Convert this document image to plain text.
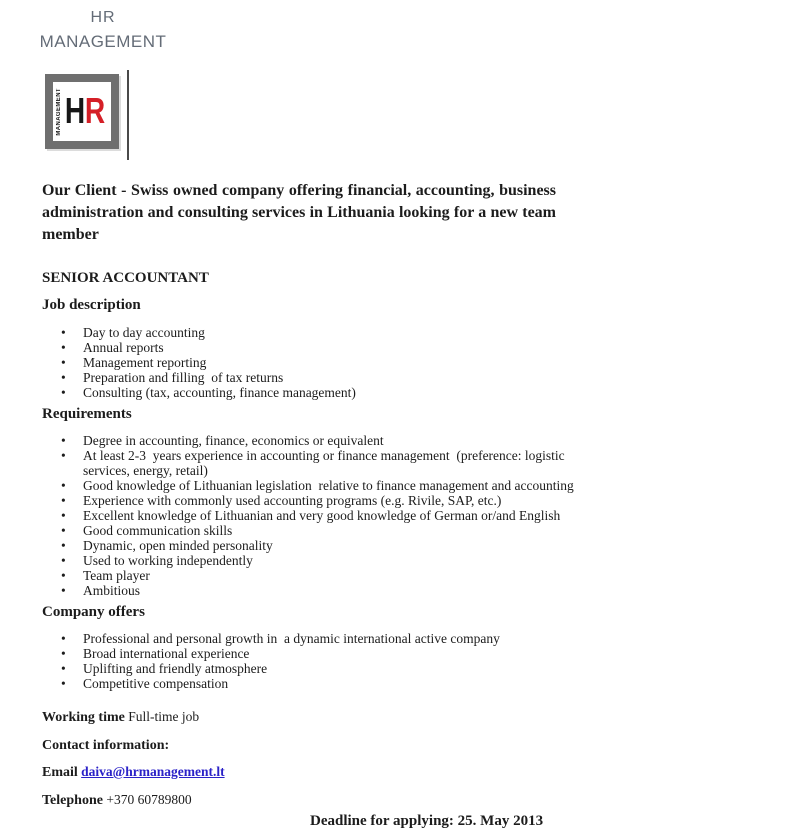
HR
MANAGEMENT
MANAGEMENT H R

Our Client - Swiss owned company offering financial, accounting, business administration and consulting services in Lithuania looking for a new team member

SENIOR ACCOUNTANT
Job description
• Day to day accounting
• Annual reports
• Management reporting
• Preparation and filling  of tax returns
• Consulting (tax, accounting, finance management)
Requirements
• Degree in accounting, finance, economics or equivalent
• At least 2-3  years experience in accounting or finance management  (preference: logistic services, energy, retail)
• Good knowledge of Lithuanian legislation  relative to finance management and accounting
• Experience with commonly used accounting programs (e.g. Rivile, SAP, etc.)
• Excellent knowledge of Lithuanian and very good knowledge of German or/and English
• Good communication skills
• Dynamic, open minded personality
• Used to working independently
• Team player
• Ambitious
Company offers
• Professional and personal growth in  a dynamic international active company
• Broad international experience
• Uplifting and friendly atmosphere
• Competitive compensation
Working time Full-time job
Contact information:
Email daiva@hrmanagement.lt
Telephone +370 60789800
Deadline for applying: 25. May 2013
